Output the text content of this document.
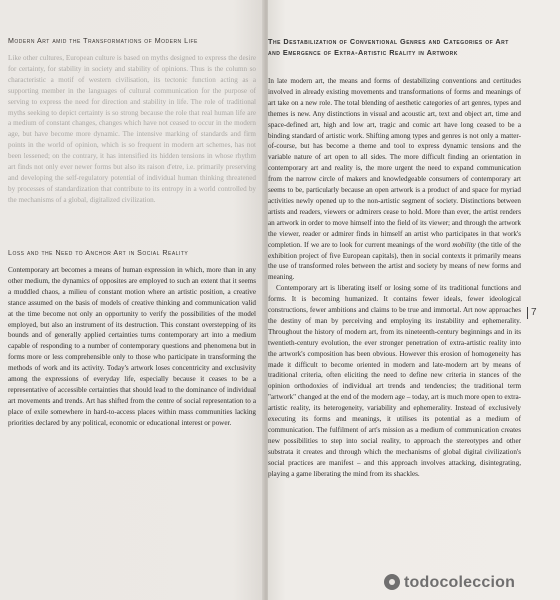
Modern Art amid the Transformations of Modern Life

Like other cultures, European culture is based on myths designed to express the desire for certainty, for stability in society and stability of opinions. Thus is the column so characteristic a motif of western civilisation, its tectonic function acting as a supporting member in the languages of cultural communication for the purpose of serving to express the need for direction and stability in life. The role of traditional myths seeking to depict certainty is so strong because the role that real human life are a medium of constant changes, changes which have not ceased to occur in the modern age, but have become more dynamic. The intensive marking of standards and firm points in the world of opinion, which is so frequent in modern art schemes, has not been lessened; on the contrary, it has intensified its hidden tensions in whose rhythm art finds not only ever newer forms but also its raison d'etre, i.e. primarily preserving and developing the self-regulatory potential of individual human thinking threatened by processes of standardization that contribute to its entropy in a world controlled by the mechanisms of a global, digitalized civilization.

Loss and the Need to Anchor Art in Social Reality

Contemporary art becomes a means of human expression in which, more than in any other medium, the dynamics of opposites are employed to such an extent that it seems a muddled chaos, a milieu of constant motion where an artistic position, a creative stance assumed on the basis of models of creative thinking and communication valid at the time become not only an opportunity to verify the possibilities of the model employed, but also an instrument of its destruction. This constant overstepping of its bounds and of generally applied certainties turns contemporary art into a medium capable of responding to a number of contemporary questions and phenomena but in forms more or less comprehensible only to those who participate in transforming the methods of work and its activity. Today's artwork loses concentricity and exclusivity among the expressions of everyday life, especially because it ceases to be a representative of accessible certainties that should lead to the dominance of individual art movements and trends. Art has shifted from the centre of social representation to a place of exile somewhere in hard-to-access places within mass communities lacking priorities declared by any political, economic or educational interest or power.

The Destabilization of Conventional Genres and Categories of Art and Emergence of Extra-Artistic Reality in Artwork

In late modern art, the means and forms of destabilizing conventions and certitudes involved in already existing movements and transformations of forms and meanings of art take on a new role. The total blending of aesthetic categories of art genres, types and themes is new. Any distinctions in visual and acoustic art, text and object art, time and space-defined art, high and low art, tragic and comic art have long ceased to be a binding standard of artistic work. Shifting among types and genres is not only a matter-of-course, but has become a theme and tool to express dynamic tensions and the variable nature of art open to all sides. The more difficult finding an orientation in contemporary art and reality is, the more urgent the need to expand communication from the narrow circle of makers and knowledgeable consumers of contemporary art seems to be, particularly because an open artwork is a product of and space for myriad activities newly opened up to the non-artistic segment of society. Distinctions between artists and readers, viewers or admirers cease to hold. More than ever, the artist renders an artwork in order to move himself into the field of its viewer; and through the artwork the viewer, reader or admirer finds in himself an artist who participates in that work's completion. If we are to look for current meanings of the word mobility (the title of the exhibition project of five European capitals), then in social contexts it primarily means the use of transformed roles between the artist and society by means of new forms and meaning.

Contemporary art is liberating itself or losing some of its traditional functions and forms. It is becoming humanized. It contains fewer ideals, fewer ideological constructions, fewer ambitions and claims to be true and immortal. Art now approaches the destiny of man by perceiving and employing its instability and ephemerality. Throughout the history of modern art, from its nineteenth-century beginnings and in its twentieth-century evolution, the ever stronger penetration of extra-artistic reality into the artwork's composition has been obvious. However this erosion of homogeneity has made it difficult to become oriented in modern and late-modern art by means of traditional criteria, often eliciting the need to define new criteria in stances of the opinion orthodoxies of individual art trends and tendencies; the traditional term "artwork" changed at the end of the modern age – today, art is much more open to extra-artistic reality, its heterogeneity, variability and ephemerality. Instead of exclusively executing its forms and meanings, it utilises its potential as a medium of communication. The fulfilment of art's mission as a medium of communication creates new possibilities to step into social reality, to approach the stereotypes and other substrata it creates and through which the mechanisms of global digital civilization's social practices are manifest – and this approach involves attacking, disintegrating, playing a game liberating the mind from its shackles.

7
todocoleccion
